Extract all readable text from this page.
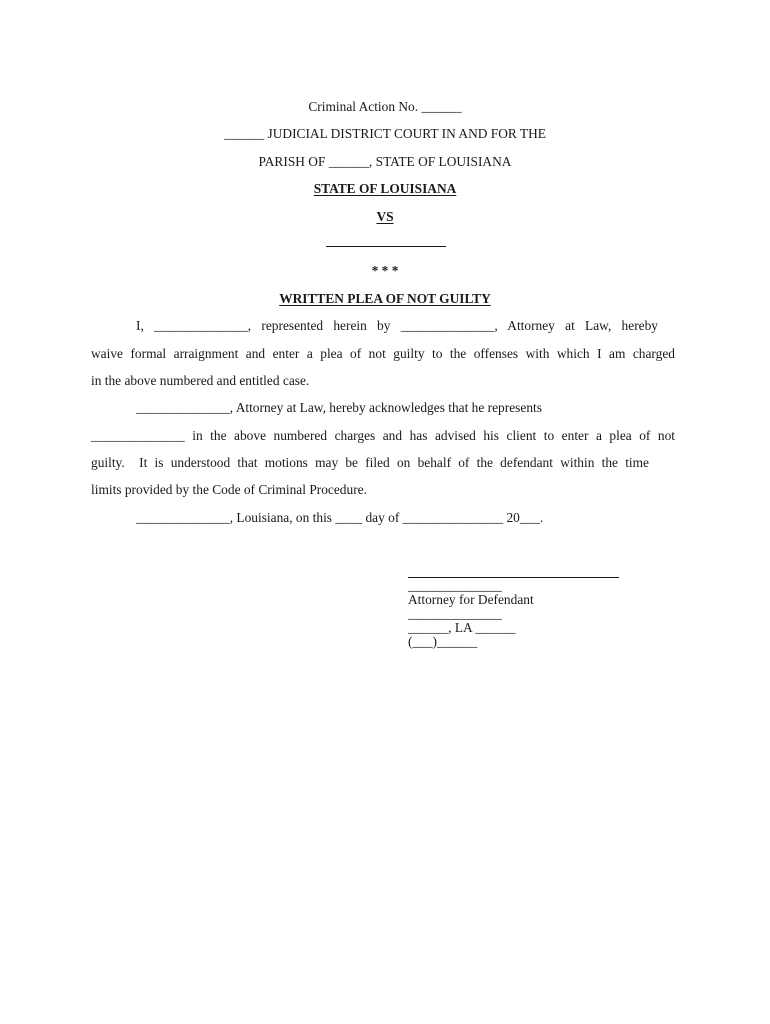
Criminal Action No. ______
______ JUDICIAL DISTRICT COURT IN AND FOR THE
PARISH OF ______, STATE OF LOUISIANA
STATE OF LOUISIANA
VS
* * *
WRITTEN PLEA OF NOT GUILTY
I, ______________, represented herein by ______________, Attorney at Law, hereby
waive formal arraignment and enter a plea of not guilty to the offenses with which I am charged
in the above numbered and entitled case.
______________, Attorney at Law, hereby acknowledges that he represents
______________ in the above numbered charges and has advised his client to enter a plea of not
guilty.  It is understood that motions may be filed on behalf of the defendant within the time
limits provided by the Code of Criminal Procedure.
______________, Louisiana, on this ____ day of _______________ 20___.
______________
Attorney for Defendant
______________
______, LA ______
(___)______
